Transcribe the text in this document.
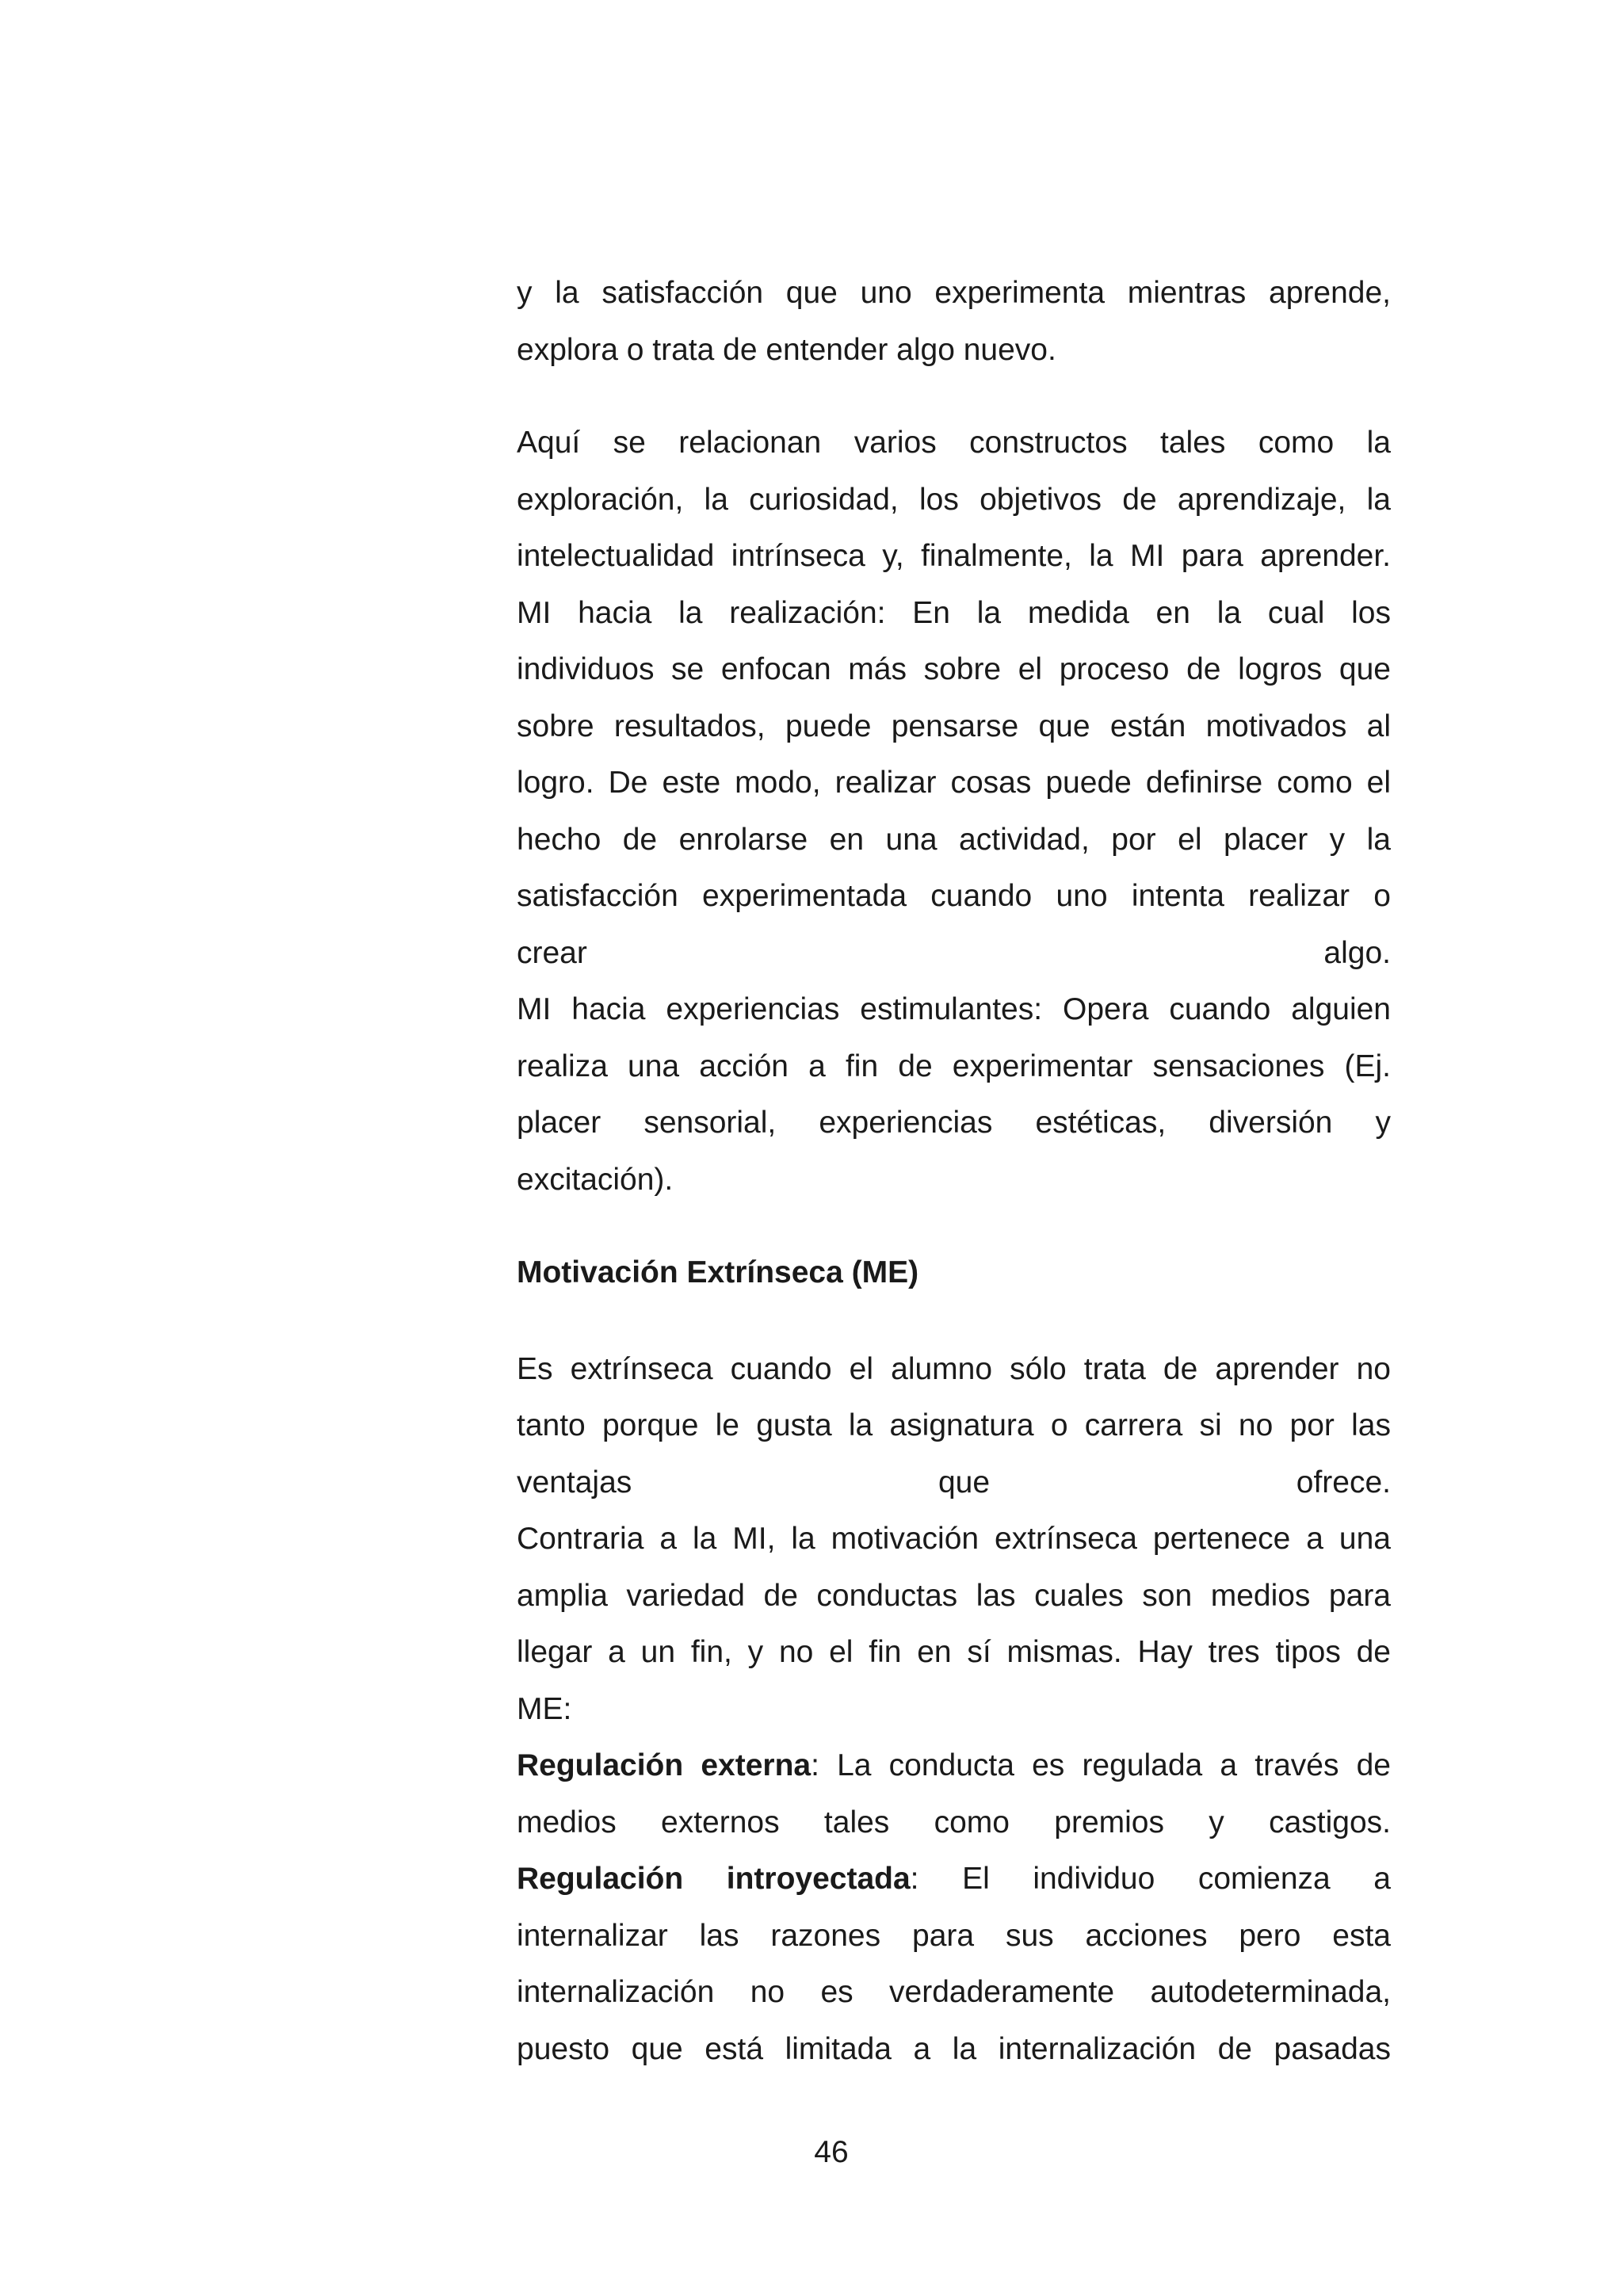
y la satisfacción que uno experimenta mientras aprende,
explora o trata de entender algo nuevo.
Aquí se relacionan varios constructos tales como la
exploración, la curiosidad, los objetivos de aprendizaje, la
intelectualidad intrínseca y, finalmente, la MI para aprender.
MI hacia la realización: En la medida en la cual los
individuos se enfocan más sobre el proceso de logros que
sobre resultados, puede pensarse que están motivados al
logro. De este modo, realizar cosas puede definirse como el
hecho de enrolarse en una actividad, por el placer y la
satisfacción experimentada cuando uno intenta realizar o
crear algo.
MI hacia experiencias estimulantes: Opera cuando alguien
realiza una acción a fin de experimentar sensaciones (Ej.
placer sensorial, experiencias estéticas, diversión y
excitación).
Motivación Extrínseca (ME)
Es extrínseca cuando el alumno sólo trata de aprender no
tanto porque le gusta la asignatura o carrera si no por las
ventajas que ofrece.
Contraria a la MI, la motivación extrínseca pertenece a una
amplia variedad de conductas las cuales son medios para
llegar a un fin, y no el fin en sí mismas. Hay tres tipos de
ME:
Regulación externa: La conducta es regulada a través de
medios externos tales como premios y castigos.
Regulación introyectada: El individuo comienza a
internalizar las razones para sus acciones pero esta
internalización no es verdaderamente autodeterminada,
puesto que está limitada a la internalización de pasadas
46
